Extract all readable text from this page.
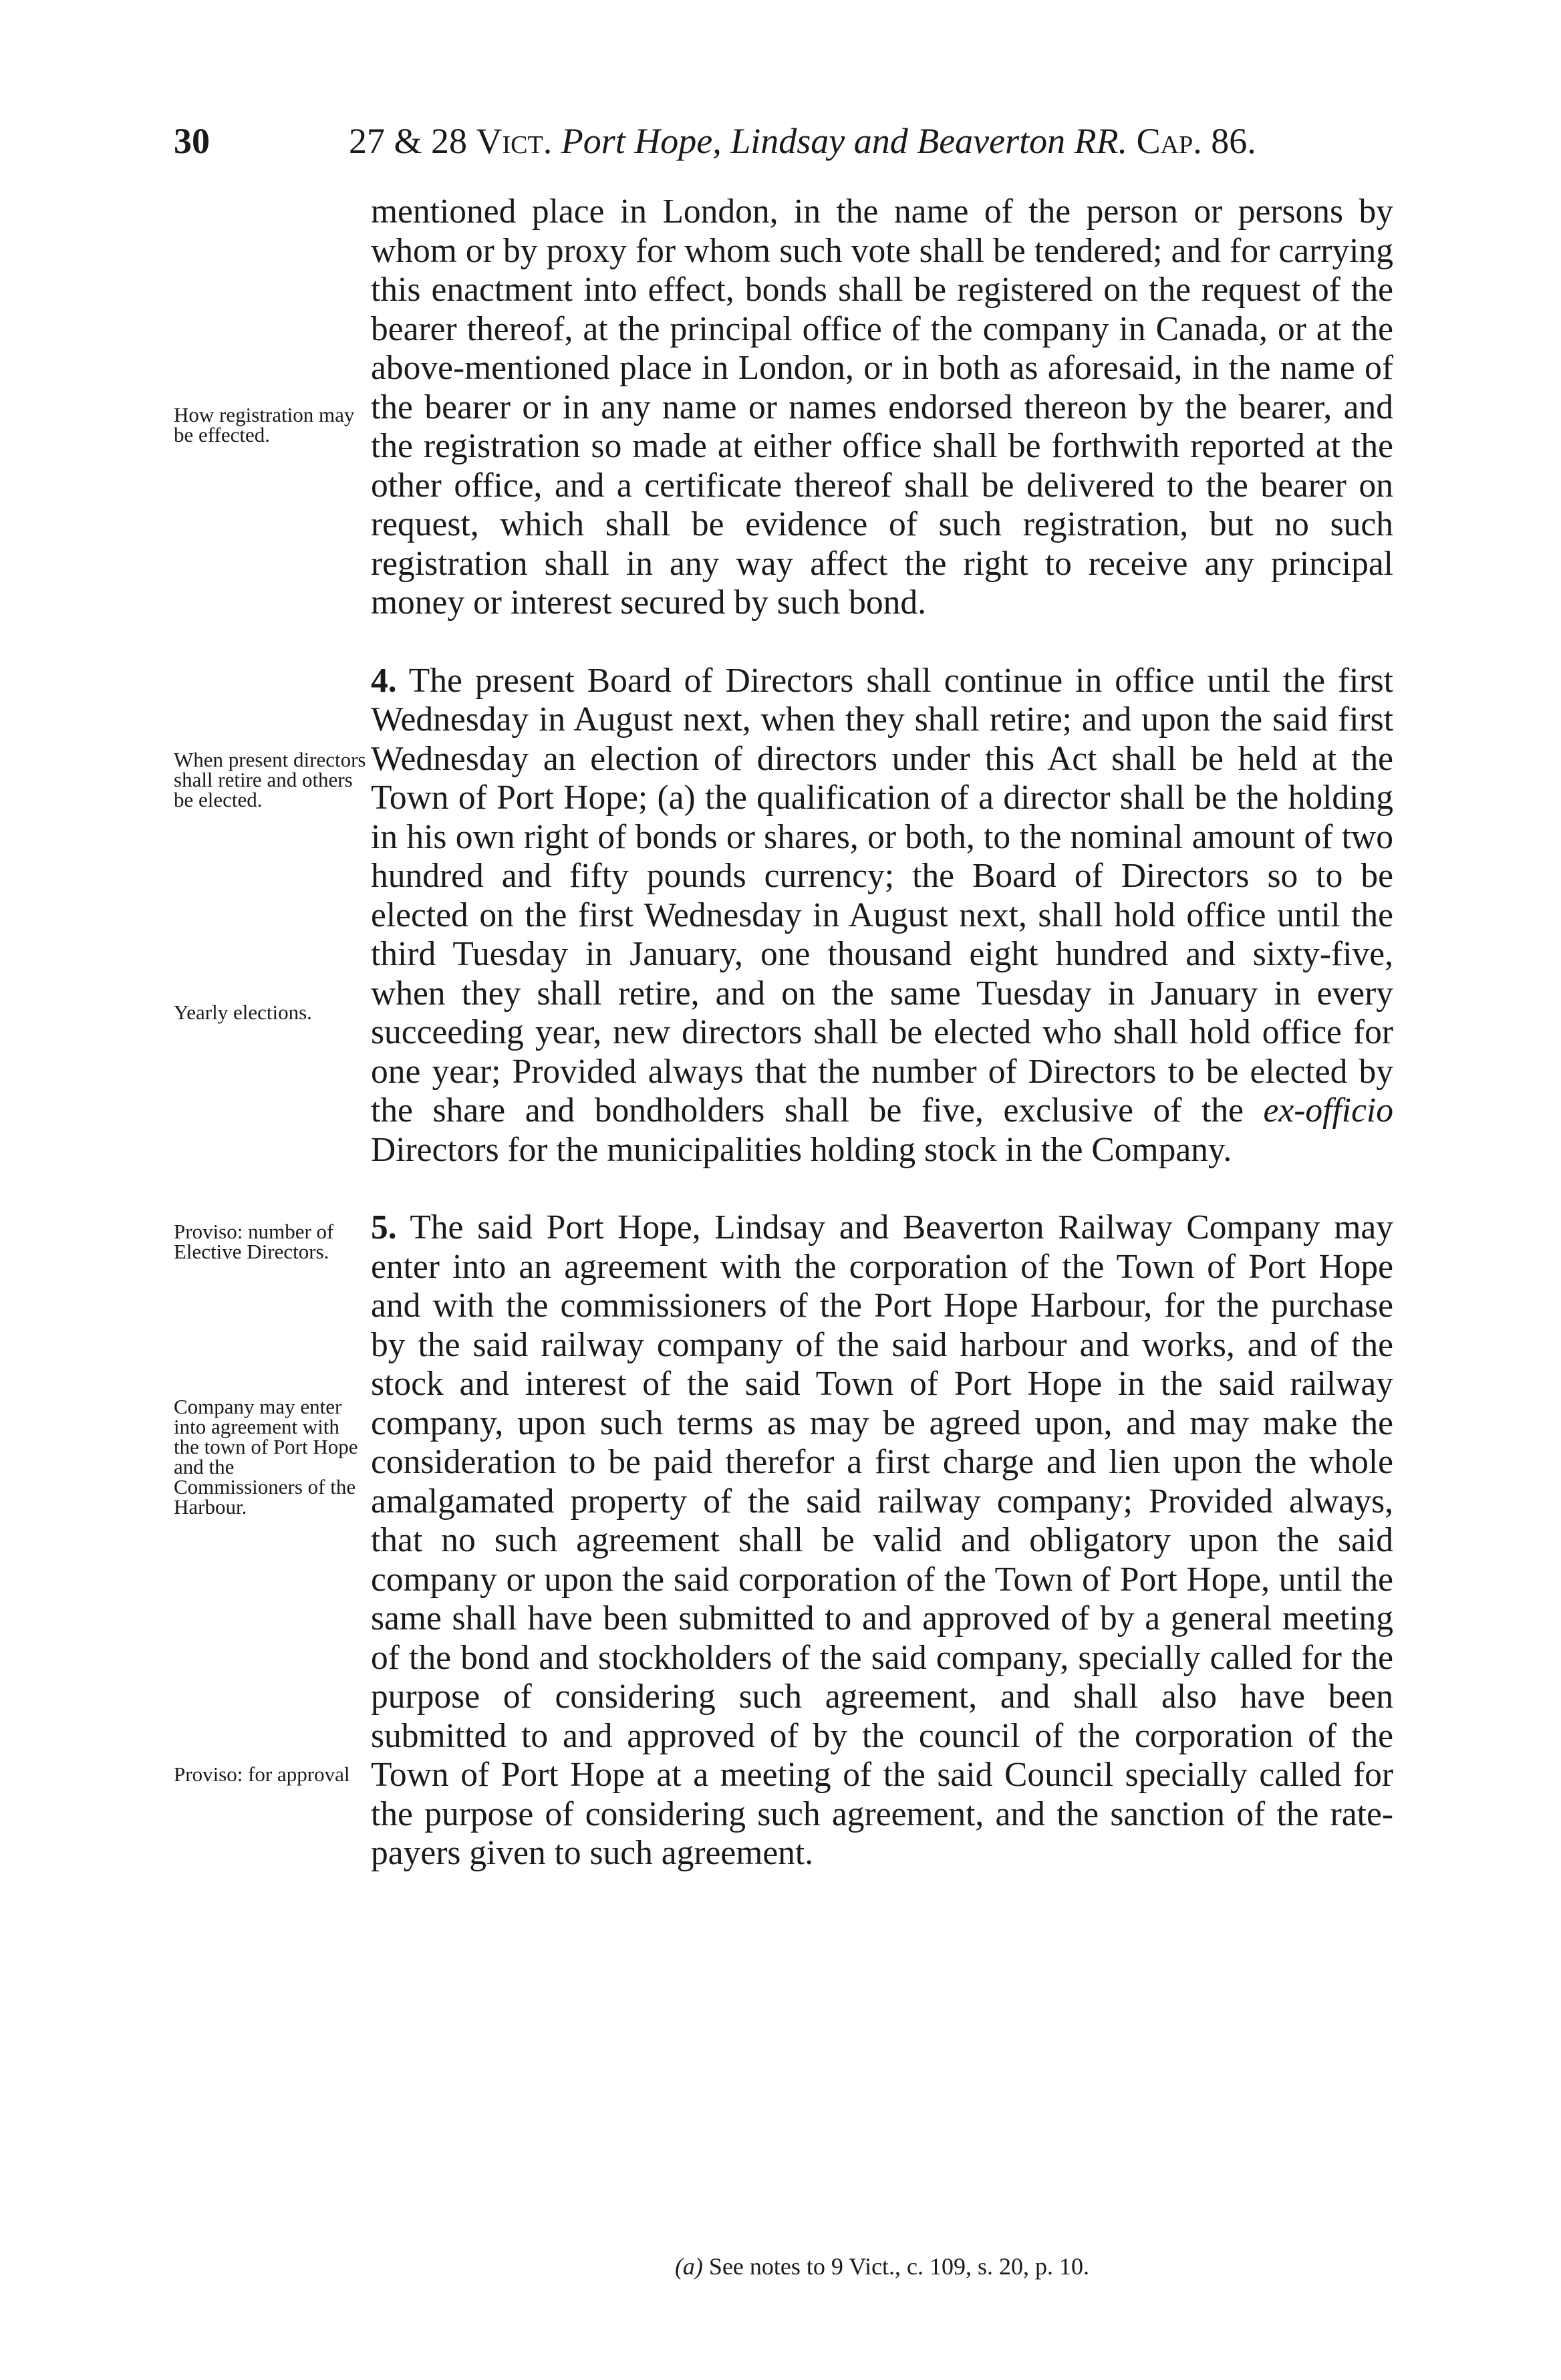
30	27 & 28 Vict. Port Hope, Lindsay and Beaverton RR. Cap. 86.
How registration may be effected.
When present directors shall retire and others be elected.
Yearly elections.
Proviso: number of Elective Directors.
Company may enter into agreement with the town of Port Hope and the Commissioners of the Harbour.
Proviso: for approval

mentioned place in London, in the name of the person or persons by whom or by proxy for whom such vote shall be tendered; and for carrying this enactment into effect, bonds shall be registered on the request of the bearer thereof, at the principal office of the company in Canada, or at the above-mentioned place in London, or in both as aforesaid, in the name of the bearer or in any name or names endorsed thereon by the bearer, and the registration so made at either office shall be forthwith reported at the other office, and a certificate thereof shall be delivered to the bearer on request, which shall be evidence of such registration, but no such registration shall in any way affect the right to receive any principal money or interest secured by such bond.

4. The present Board of Directors shall continue in office until the first Wednesday in August next, when they shall retire; and upon the said first Wednesday an election of directors under this Act shall be held at the Town of Port Hope; (a) the qualification of a director shall be the holding in his own right of bonds or shares, or both, to the nominal amount of two hundred and fifty pounds currency; the Board of Directors so to be elected on the first Wednesday in August next, shall hold office until the third Tuesday in January, one thousand eight hundred and sixty-five, when they shall retire, and on the same Tuesday in January in every succeeding year, new directors shall be elected who shall hold office for one year; Provided always that the number of Directors to be elected by the share and bondholders shall be five, exclusive of the ex-officio Directors for the municipalities holding stock in the Company.

5. The said Port Hope, Lindsay and Beaverton Railway Company may enter into an agreement with the corporation of the Town of Port Hope and with the commissioners of the Port Hope Harbour, for the purchase by the said railway company of the said harbour and works, and of the stock and interest of the said Town of Port Hope in the said railway company, upon such terms as may be agreed upon, and may make the consideration to be paid therefor a first charge and lien upon the whole amalgamated property of the said railway company; Provided always, that no such agreement shall be valid and obligatory upon the said company or upon the said corporation of the Town of Port Hope, until the same shall have been submitted to and approved of by a general meeting of the bond and stockholders of the said company, specially called for the purpose of considering such agreement, and shall also have been submitted to and approved of by the council of the corporation of the Town of Port Hope at a meeting of the said Council specially called for the purpose of considering such agreement, and the sanction of the rate-payers given to such agreement.

(a) See notes to 9 Vict., c. 109, s. 20, p. 10.
